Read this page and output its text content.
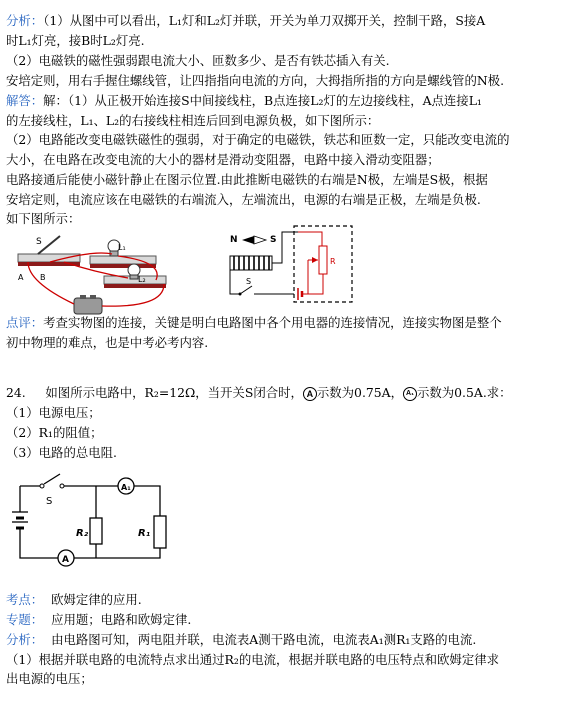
分析：（1）从图中可以看出，L₁灯和L₂灯并联，开关为单刀双掷开关，控制干路，S接A
时L₁灯亮，接B时L₂灯亮.
（2）电磁铁的磁性强弱跟电流大小、匝数多少、是否有铁芯插入有关.
安培定则，用右手握住螺线管，让四指指向电流的方向，大拇指所指的方向是螺线管的N极.
解答：解：（1）从正极开始连接S中间接线柱，B点连接L₂灯的左边接线柱，A点连接L₁
的左接线柱，L₁、L₂的右接线柱相连后回到电源负极，如下图所示：
（2）电路能改变电磁铁磁性的强弱，对于确定的电磁铁，铁芯和匝数一定，只能改变电流的
大小，在电路在改变电流的大小的器材是滑动变阻器，电路中接入滑动变阻器；
电路接通后能使小磁针静止在图示位置.由此推断电磁铁的右端是N极，左端是S极，根据
安培定则，电流应该在电磁铁的右端流入，左端流出，电源的右端是正极，左端是负极.
如下图所示：
S
L₁
L₂
A B
N	S
R
S
点评：考查实物图的连接，关键是明白电路图中各个用电器的连接情况，连接实物图是整个
初中物理的难点，也是中考必考内容.
24. 如图所示电路中，R₂=12Ω，当开关S闭合时， A 示数为0.75A， A₁ 示数为0.5A.求：
（1）电源电压；
（2）R₁的阻值；
（3）电路的总电阻.
S
R₂	R₁
A₁
A
考点： 欧姆定律的应用.
专题： 应用题；电路和欧姆定律.
分析： 由电路图可知，两电阻并联，电流表A测干路电流，电流表A₁测R₁支路的电流.
（1）根据并联电路的电流特点求出通过R₂的电流，根据并联电路的电压特点和欧姆定律求
出电源的电压；
